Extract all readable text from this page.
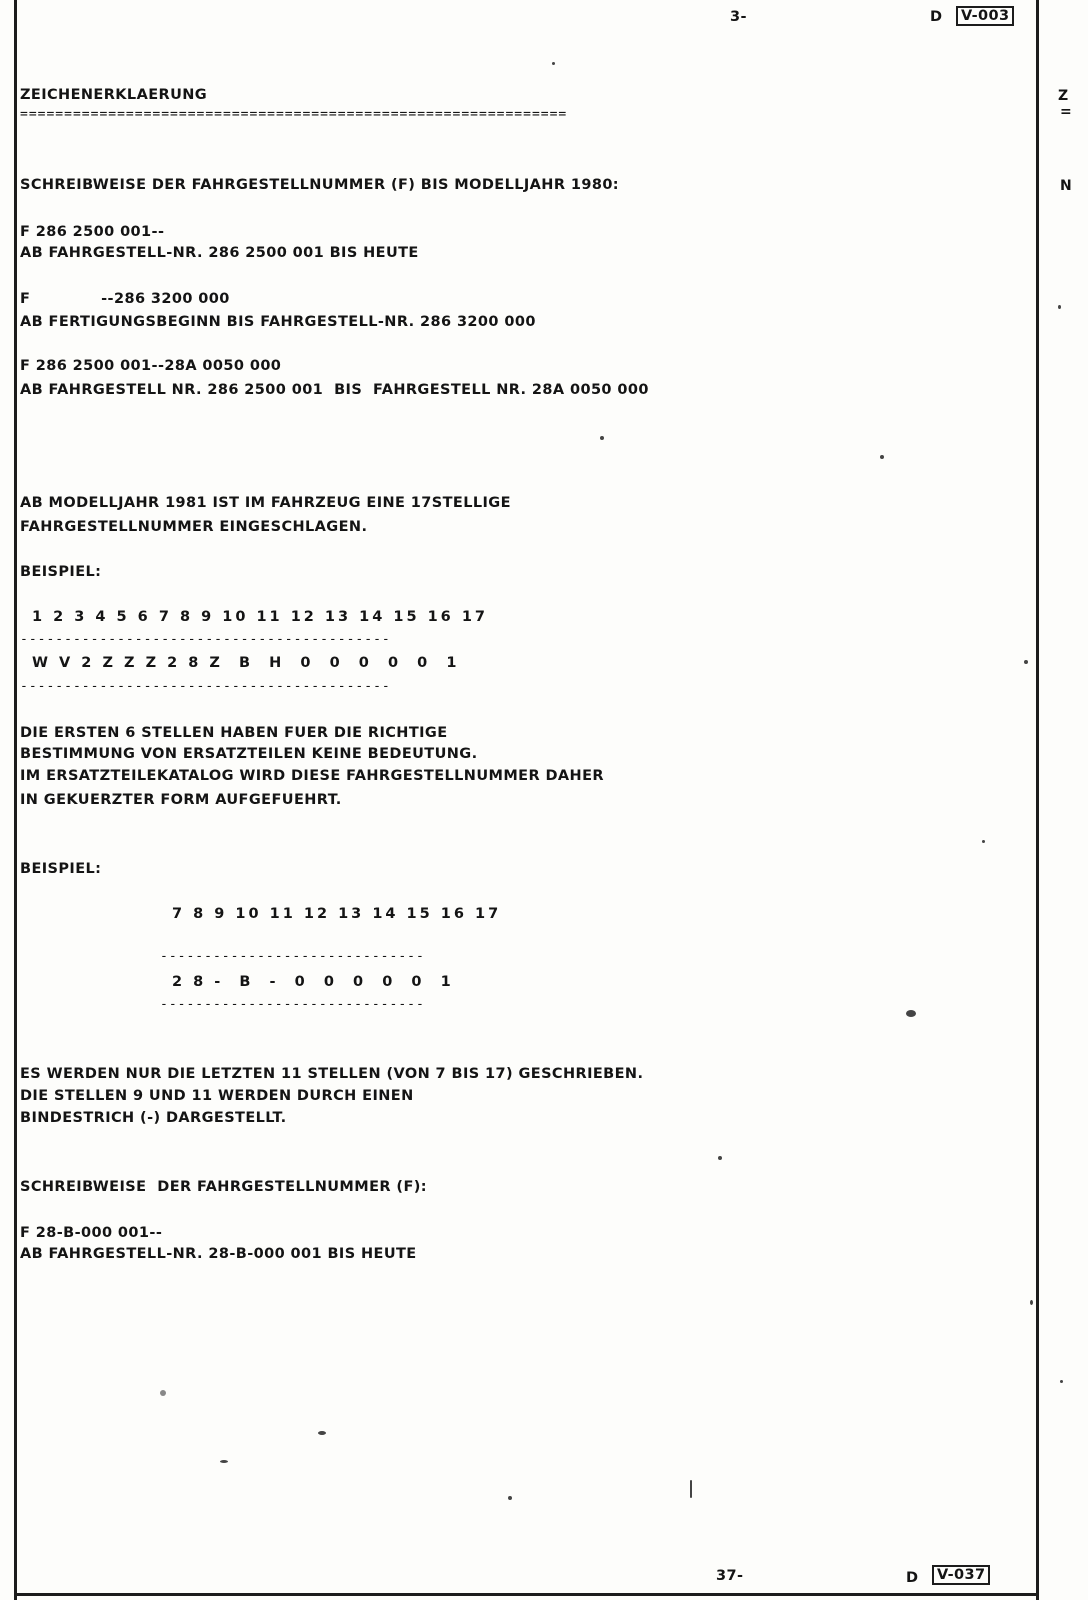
3-	D	V-003
Z
=
N
ZEICHENERKLAERUNG
==============================================================
SCHREIBWEISE DER FAHRGESTELLNUMMER (F) BIS MODELLJAHR 1980:
F 286 2500 001--
AB FAHRGESTELL-NR. 286 2500 001 BIS HEUTE
F             --286 3200 000
AB FERTIGUNGSBEGINN BIS FAHRGESTELL-NR. 286 3200 000
F 286 2500 001--28A 0050 000
AB FAHRGESTELL NR. 286 2500 001  BIS  FAHRGESTELL NR. 28A 0050 000
AB MODELLJAHR 1981 IST IM FAHRZEUG EINE 17STELLIGE
FAHRGESTELLNUMMER EINGESCHLAGEN.
BEISPIEL:
1 2 3 4 5 6 7 8 9 10 11 12 13 14 15 16 17
------------------------------------------
W V 2 Z Z Z 2 8 Z  B  H  0  0  0  0  0  1
------------------------------------------
DIE ERSTEN 6 STELLEN HABEN FUER DIE RICHTIGE
BESTIMMUNG VON ERSATZTEILEN KEINE BEDEUTUNG.
IM ERSATZTEILEKATALOG WIRD DIESE FAHRGESTELLNUMMER DAHER
IN GEKUERZTER FORM AUFGEFUEHRT.
BEISPIEL:
7 8 9 10 11 12 13 14 15 16 17
------------------------------
2 8 -  B  -  0  0  0  0  0  1
------------------------------
ES WERDEN NUR DIE LETZTEN 11 STELLEN (VON 7 BIS 17) GESCHRIEBEN.
DIE STELLEN 9 UND 11 WERDEN DURCH EINEN
BINDESTRICH (-) DARGESTELLT.
SCHREIBWEISE  DER FAHRGESTELLNUMMER (F):
F 28-B-000 001--
AB FAHRGESTELL-NR. 28-B-000 001 BIS HEUTE
37-	D	V-037
